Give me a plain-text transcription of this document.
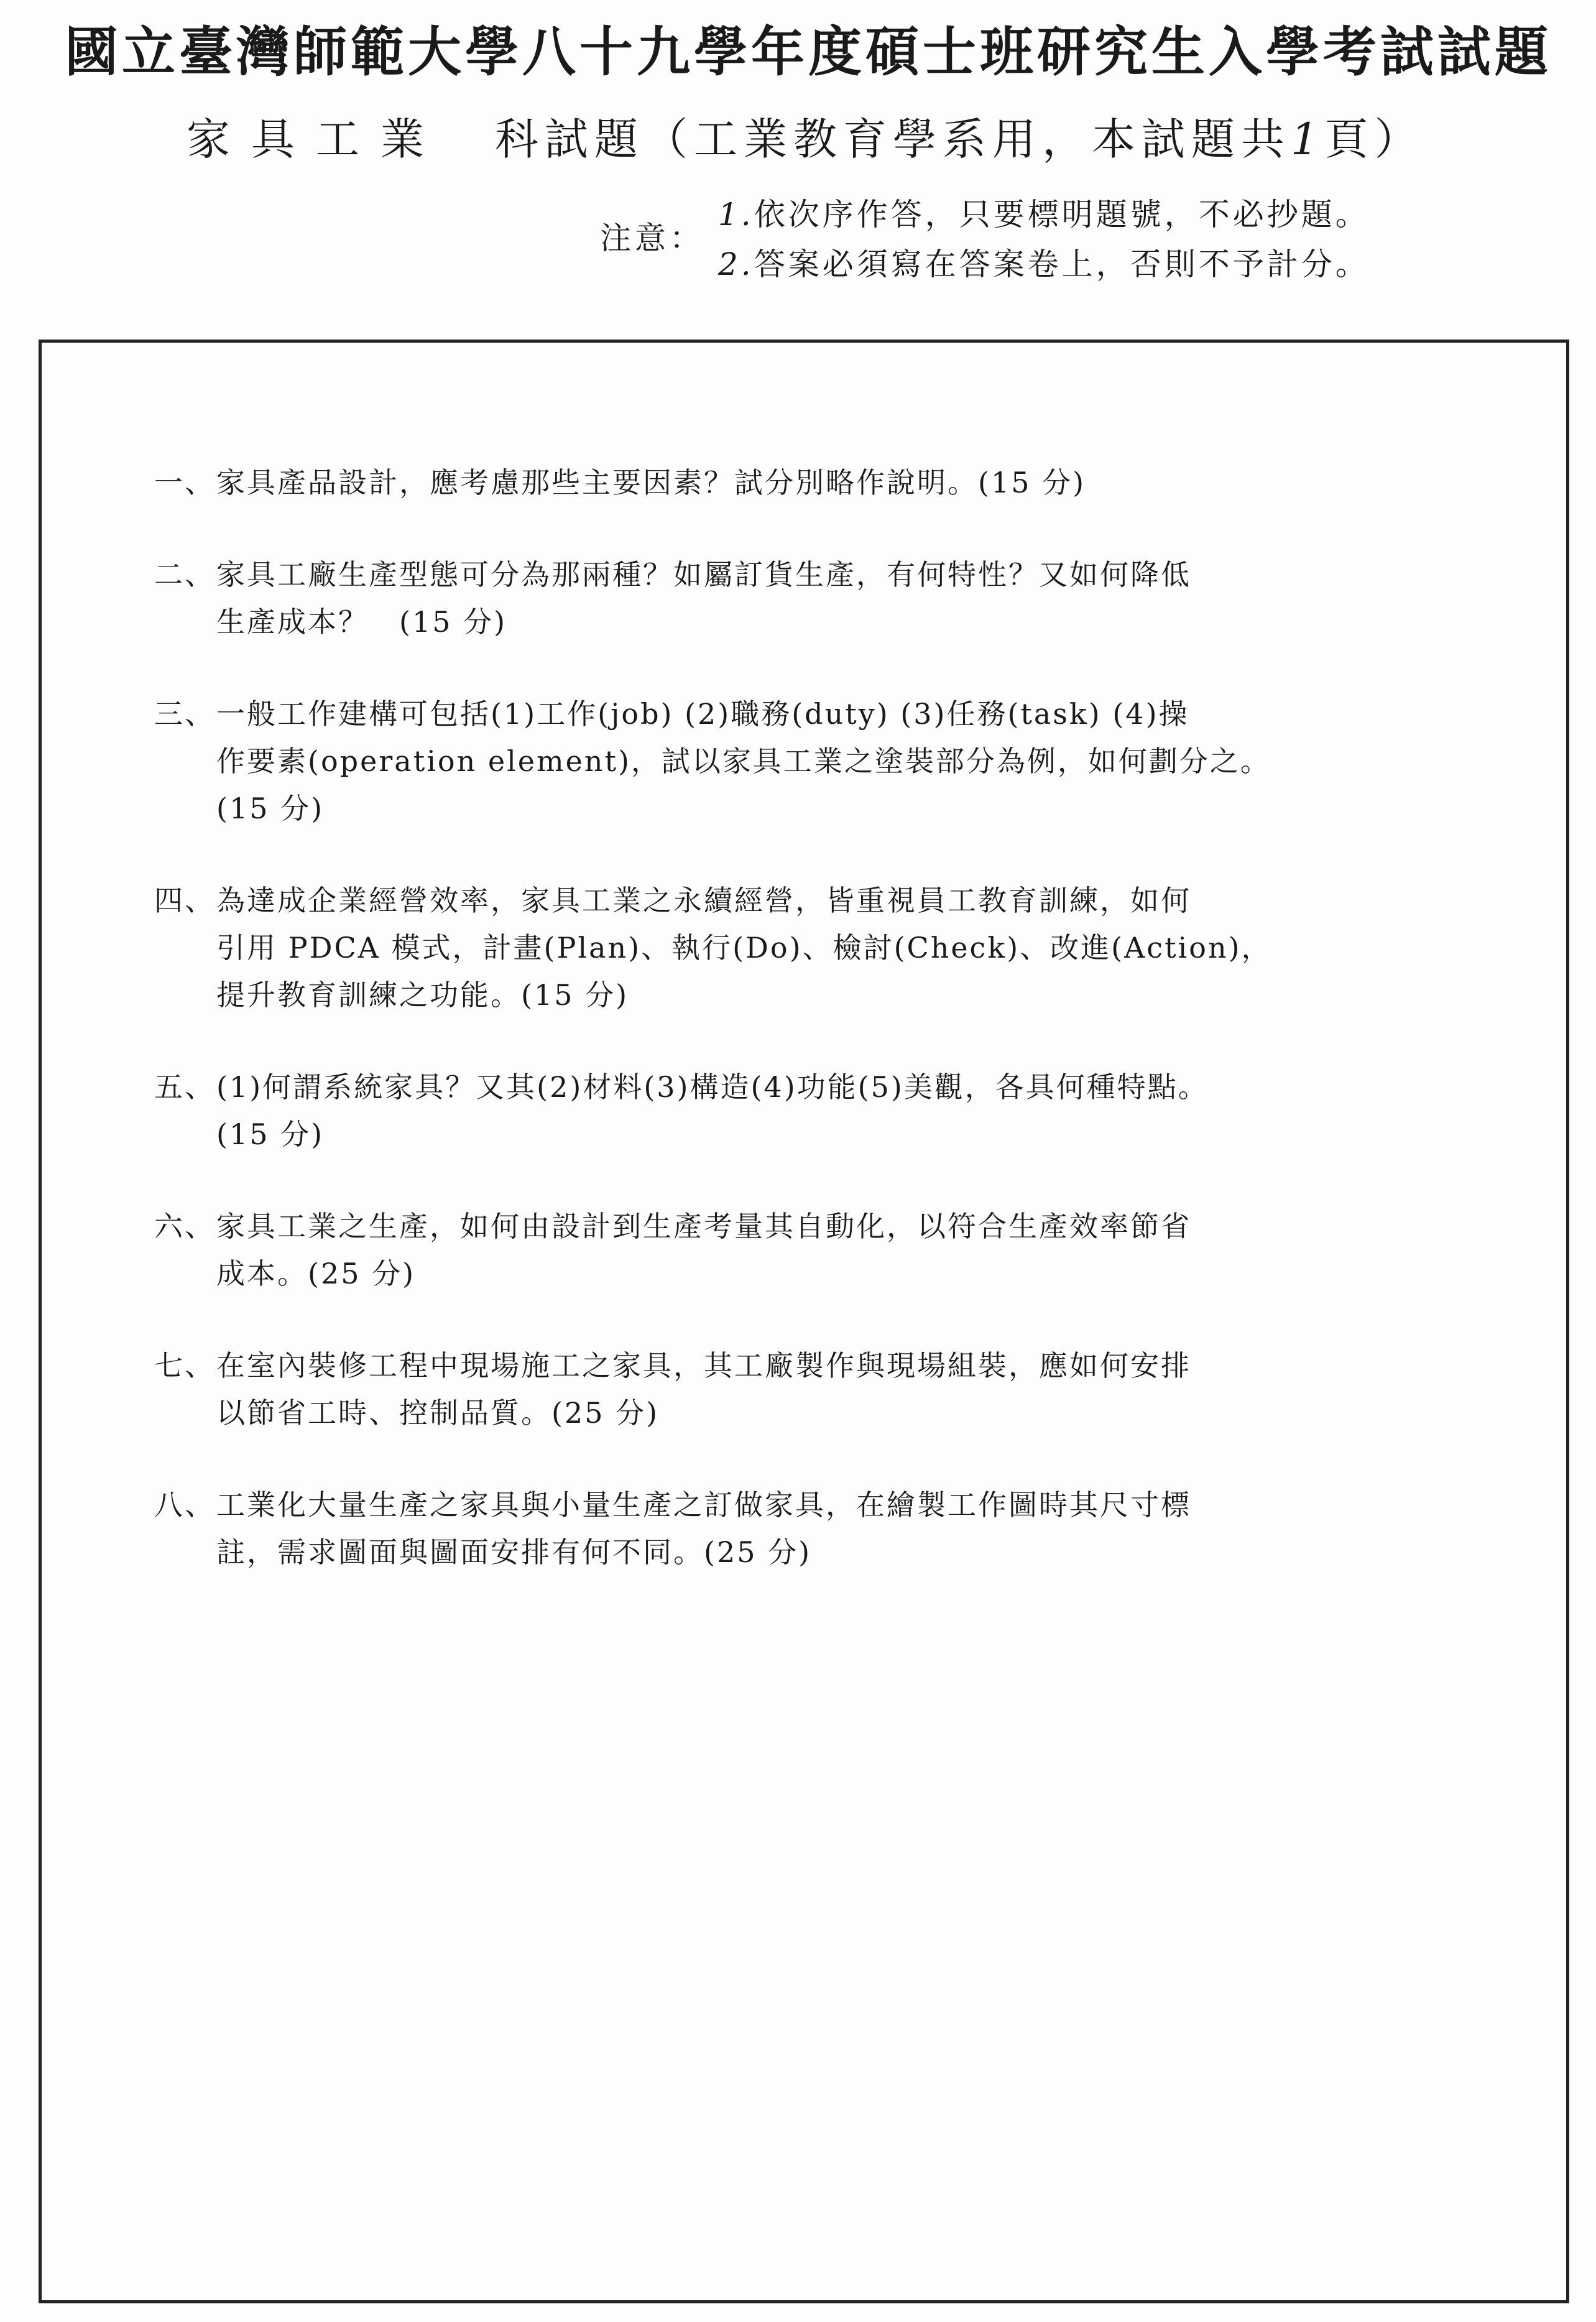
國立臺灣師範大學八十九學年度碩士班研究生入學考試試題
家具工業 科試題（工業教育學系用，本試題共1頁）
注意：
1.依次序作答，只要標明題號，不必抄題。
2.答案必須寫在答案卷上，否則不予計分。
一、 家具產品設計，應考慮那些主要因素？試分別略作說明。(15 分)
二、 家具工廠生產型態可分為那兩種？如屬訂貨生產，有何特性？又如何降低
生產成本？　(15 分)
三、 一般工作建構可包括(1)工作(job) (2)職務(duty) (3)任務(task) (4)操
作要素(operation element)，試以家具工業之塗裝部分為例，如何劃分之。
(15 分)
四、 為達成企業經營效率，家具工業之永續經營，皆重視員工教育訓練，如何
引用 PDCA 模式，計畫(Plan)、執行(Do)、檢討(Check)、改進(Action)，
提升教育訓練之功能。(15 分)
五、 (1)何謂系統家具？又其(2)材料(3)構造(4)功能(5)美觀，各具何種特點。
(15 分)
六、 家具工業之生產，如何由設計到生產考量其自動化，以符合生產效率節省
成本。(25 分)
七、 在室內裝修工程中現場施工之家具，其工廠製作與現場組裝，應如何安排
以節省工時、控制品質。(25 分)
八、 工業化大量生產之家具與小量生產之訂做家具，在繪製工作圖時其尺寸標
註，需求圖面與圖面安排有何不同。(25 分)
